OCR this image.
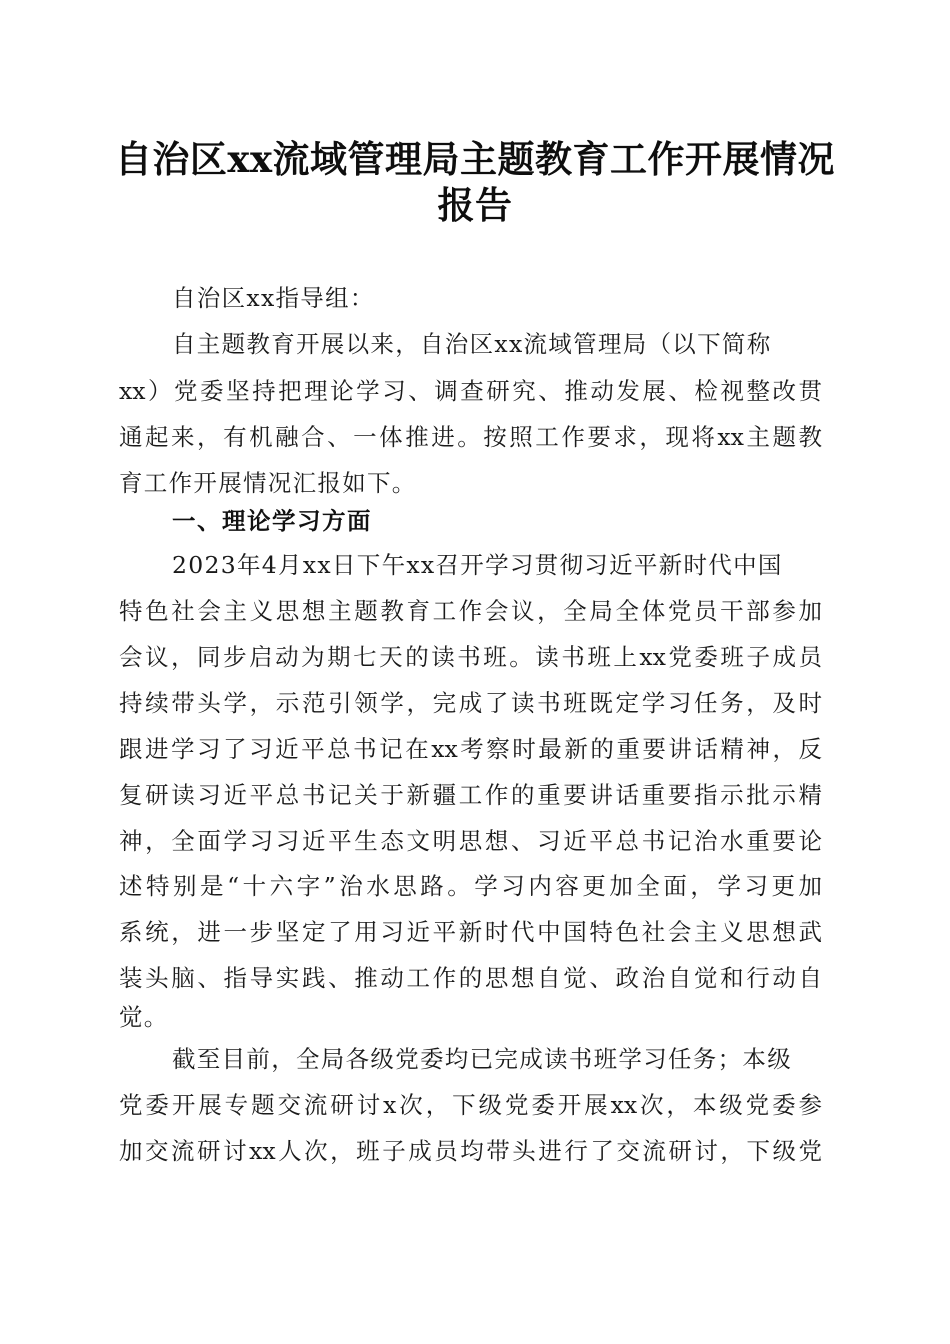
自治区xx流域管理局主题教育工作开展情况
报告
自治区xx指导组：
自主题教育开展以来，自治区xx流域管理局（以下简称
xx）党委坚持把理论学习、调查研究、推动发展、检视整改贯
通起来，有机融合、一体推进。按照工作要求，现将xx主题教
育工作开展情况汇报如下。
一、理论学习方面
2023年4月xx日下午xx召开学习贯彻习近平新时代中国
特色社会主义思想主题教育工作会议，全局全体党员干部参加
会议，同步启动为期七天的读书班。读书班上xx党委班子成员
持续带头学，示范引领学，完成了读书班既定学习任务，及时
跟进学习了习近平总书记在xx考察时最新的重要讲话精神，反
复研读习近平总书记关于新疆工作的重要讲话重要指示批示精
神，全面学习习近平生态文明思想、习近平总书记治水重要论
述特别是“十六字”治水思路。学习内容更加全面，学习更加
系统，进一步坚定了用习近平新时代中国特色社会主义思想武
装头脑、指导实践、推动工作的思想自觉、政治自觉和行动自
觉。
截至目前，全局各级党委均已完成读书班学习任务；本级
党委开展专题交流研讨x次，下级党委开展xx次，本级党委参
加交流研讨xx人次，班子成员均带头进行了交流研讨，下级党
